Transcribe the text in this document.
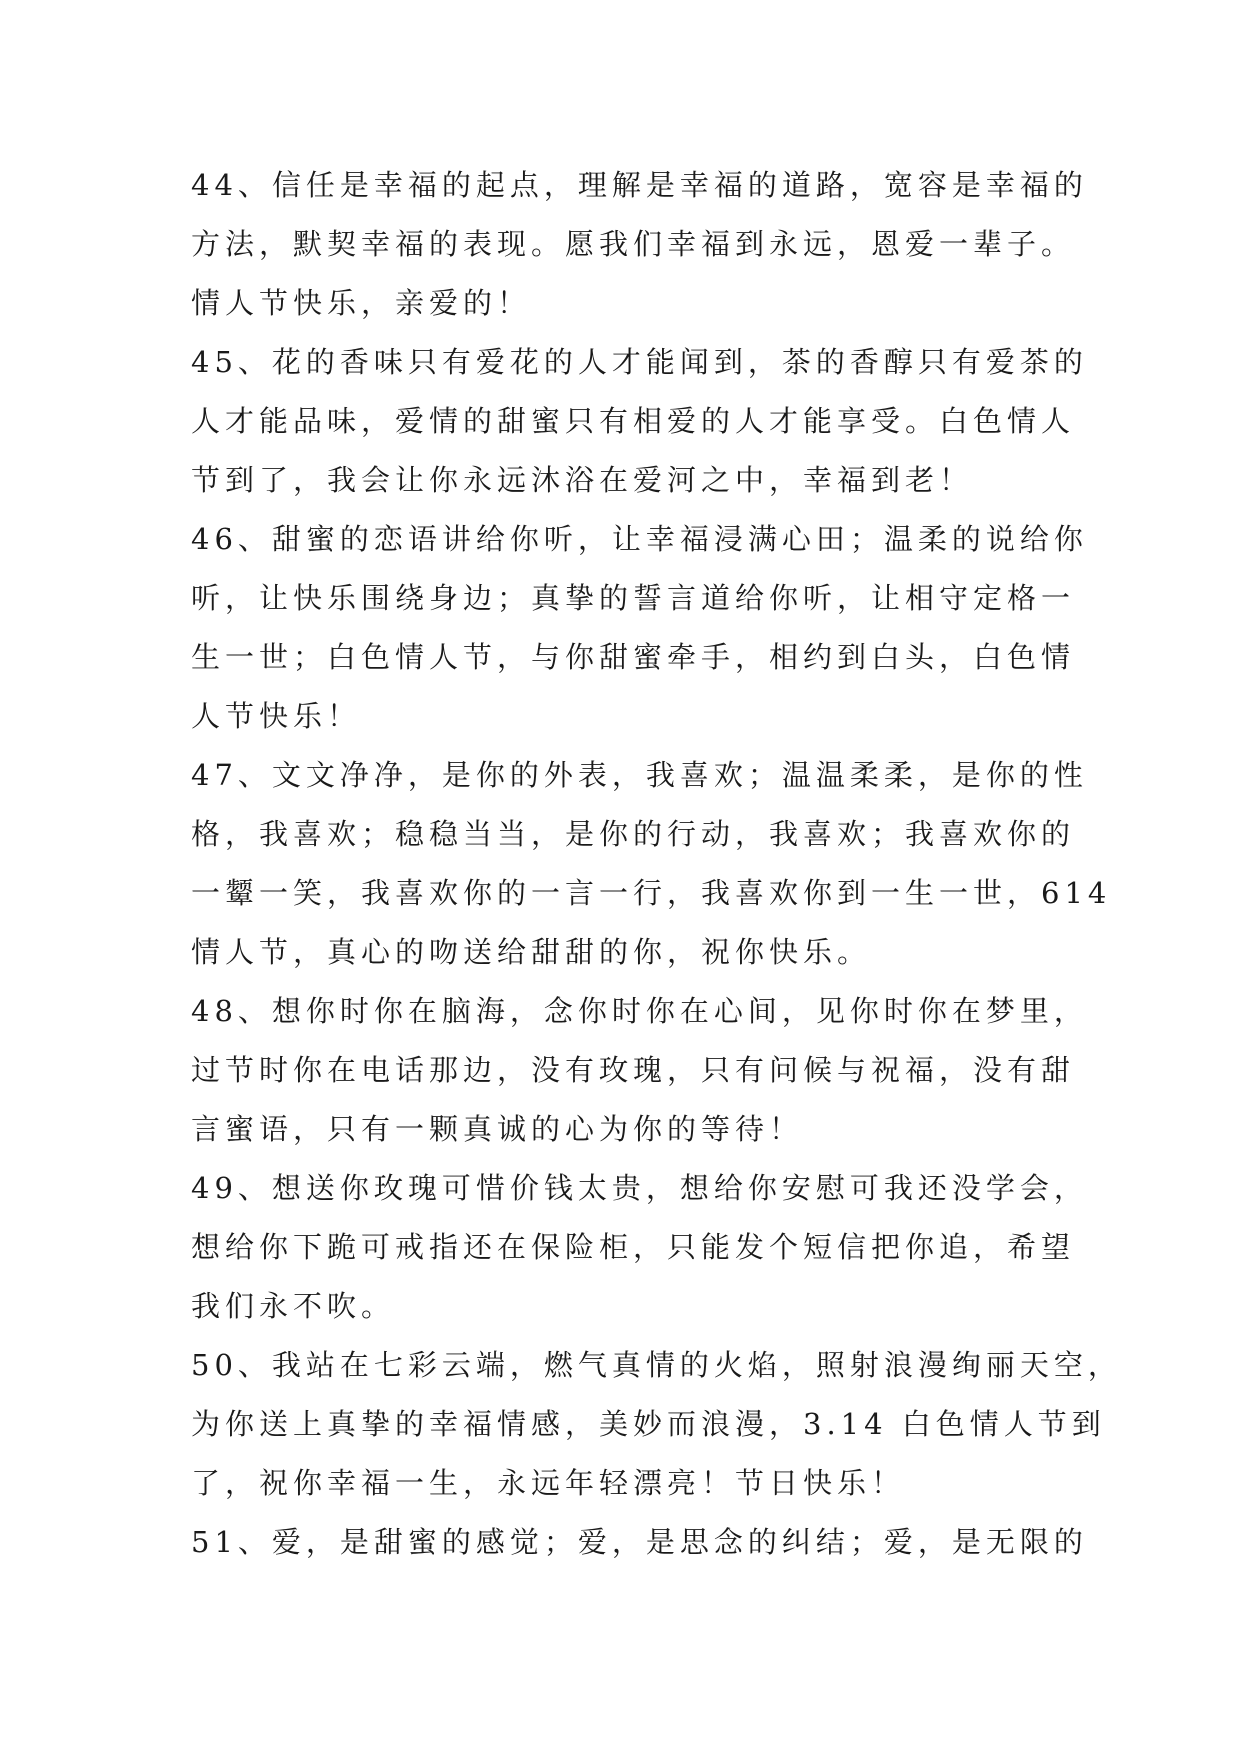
44、信任是幸福的起点，理解是幸福的道路，宽容是幸福的
方法，默契幸福的表现。愿我们幸福到永远，恩爱一辈子。
情人节快乐，亲爱的！
45、花的香味只有爱花的人才能闻到，茶的香醇只有爱茶的
人才能品味，爱情的甜蜜只有相爱的人才能享受。白色情人
节到了，我会让你永远沐浴在爱河之中，幸福到老！
46、甜蜜的恋语讲给你听，让幸福浸满心田；温柔的说给你
听，让快乐围绕身边；真挚的誓言道给你听，让相守定格一
生一世；白色情人节，与你甜蜜牵手，相约到白头，白色情
人节快乐！
47、文文净净，是你的外表，我喜欢；温温柔柔，是你的性
格，我喜欢；稳稳当当，是你的行动，我喜欢；我喜欢你的
一颦一笑，我喜欢你的一言一行，我喜欢你到一生一世，614
情人节，真心的吻送给甜甜的你，祝你快乐。
48、想你时你在脑海，念你时你在心间，见你时你在梦里，
过节时你在电话那边，没有玫瑰，只有问候与祝福，没有甜
言蜜语，只有一颗真诚的心为你的等待！
49、想送你玫瑰可惜价钱太贵，想给你安慰可我还没学会，
想给你下跪可戒指还在保险柜，只能发个短信把你追，希望
我们永不吹。
50、我站在七彩云端，燃气真情的火焰，照射浪漫绚丽天空，
为你送上真挚的幸福情感，美妙而浪漫，3.14 白色情人节到
了，祝你幸福一生，永远年轻漂亮！节日快乐！
51、爱，是甜蜜的感觉；爱，是思念的纠结；爱，是无限的
